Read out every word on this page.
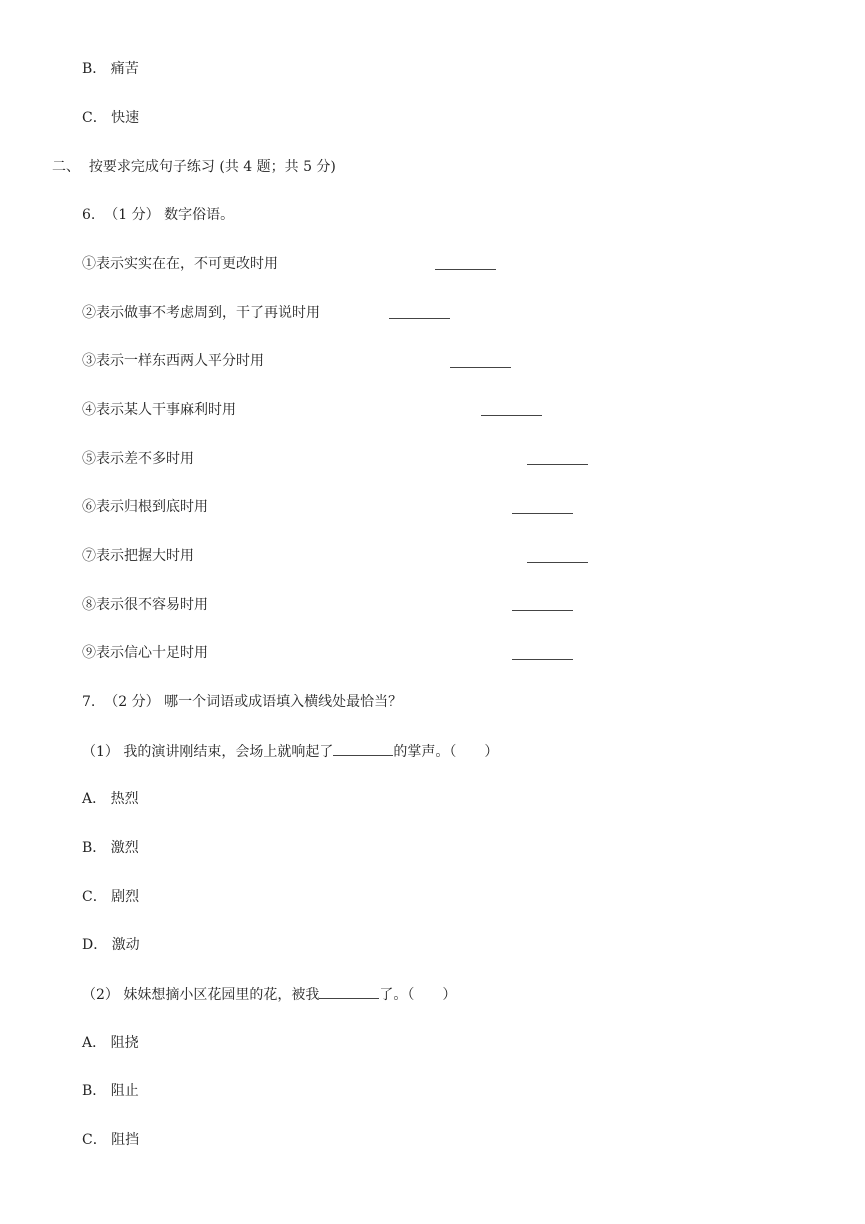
B． 痛苦
C． 快速
二、 按要求完成句子练习 (共 4 题；共 5 分)
6. （1 分） 数字俗语。
①表示实实在在，不可更改时用
②表示做事不考虑周到，干了再说时用
③表示一样东西两人平分时用
④表示某人干事麻利时用
⑤表示差不多时用
⑥表示归根到底时用
⑦表示把握大时用
⑧表示很不容易时用
⑨表示信心十足时用
7. （2 分） 哪一个词语或成语填入横线处最恰当？
（1） 我的演讲刚结束，会场上就响起了	的掌声。（　　）
A． 热烈
B． 激烈
C． 剧烈
D． 激动
（2） 妹妹想摘小区花园里的花，被我	了。（　　）
A． 阻挠
B． 阻止
C． 阻挡
